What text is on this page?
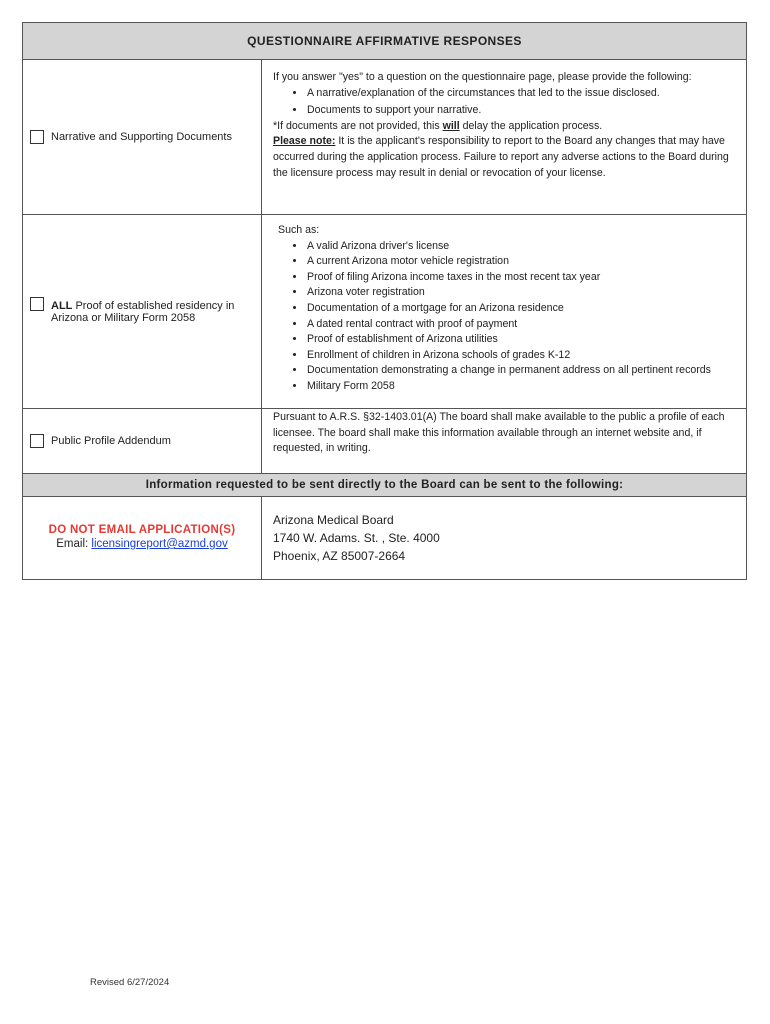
QUESTIONNAIRE AFFIRMATIVE RESPONSES
Narrative and Supporting Documents
If you answer "yes" to a question on the questionnaire page, please provide the following:
• A narrative/explanation of the circumstances that led to the issue disclosed.
• Documents to support your narrative.
*If documents are not provided, this will delay the application process.
Please note: It is the applicant's responsibility to report to the Board any changes that may have occurred during the application process. Failure to report any adverse actions to the Board during the licensure process may result in denial or revocation of your license.
ALL Proof of established residency in Arizona or Military Form 2058
Such as:
• A valid Arizona driver's license
• A current Arizona motor vehicle registration
• Proof of filing Arizona income taxes in the most recent tax year
• Arizona voter registration
• Documentation of a mortgage for an Arizona residence
• A dated rental contract with proof of payment
• Proof of establishment of Arizona utilities
• Enrollment of children in Arizona schools of grades K-12
• Documentation demonstrating a change in permanent address on all pertinent records
• Military Form 2058
Public Profile Addendum
Pursuant to A.R.S. §32-1403.01(A) The board shall make available to the public a profile of each licensee. The board shall make this information available through an internet website and, if requested, in writing.
Information requested to be sent directly to the Board can be sent to the following:
DO NOT EMAIL APPLICATION(S)
Email: licensingreport@azmd.gov
Arizona Medical Board
1740 W. Adams. St. , Ste. 4000
Phoenix, AZ 85007-2664
Revised 6/27/2024
